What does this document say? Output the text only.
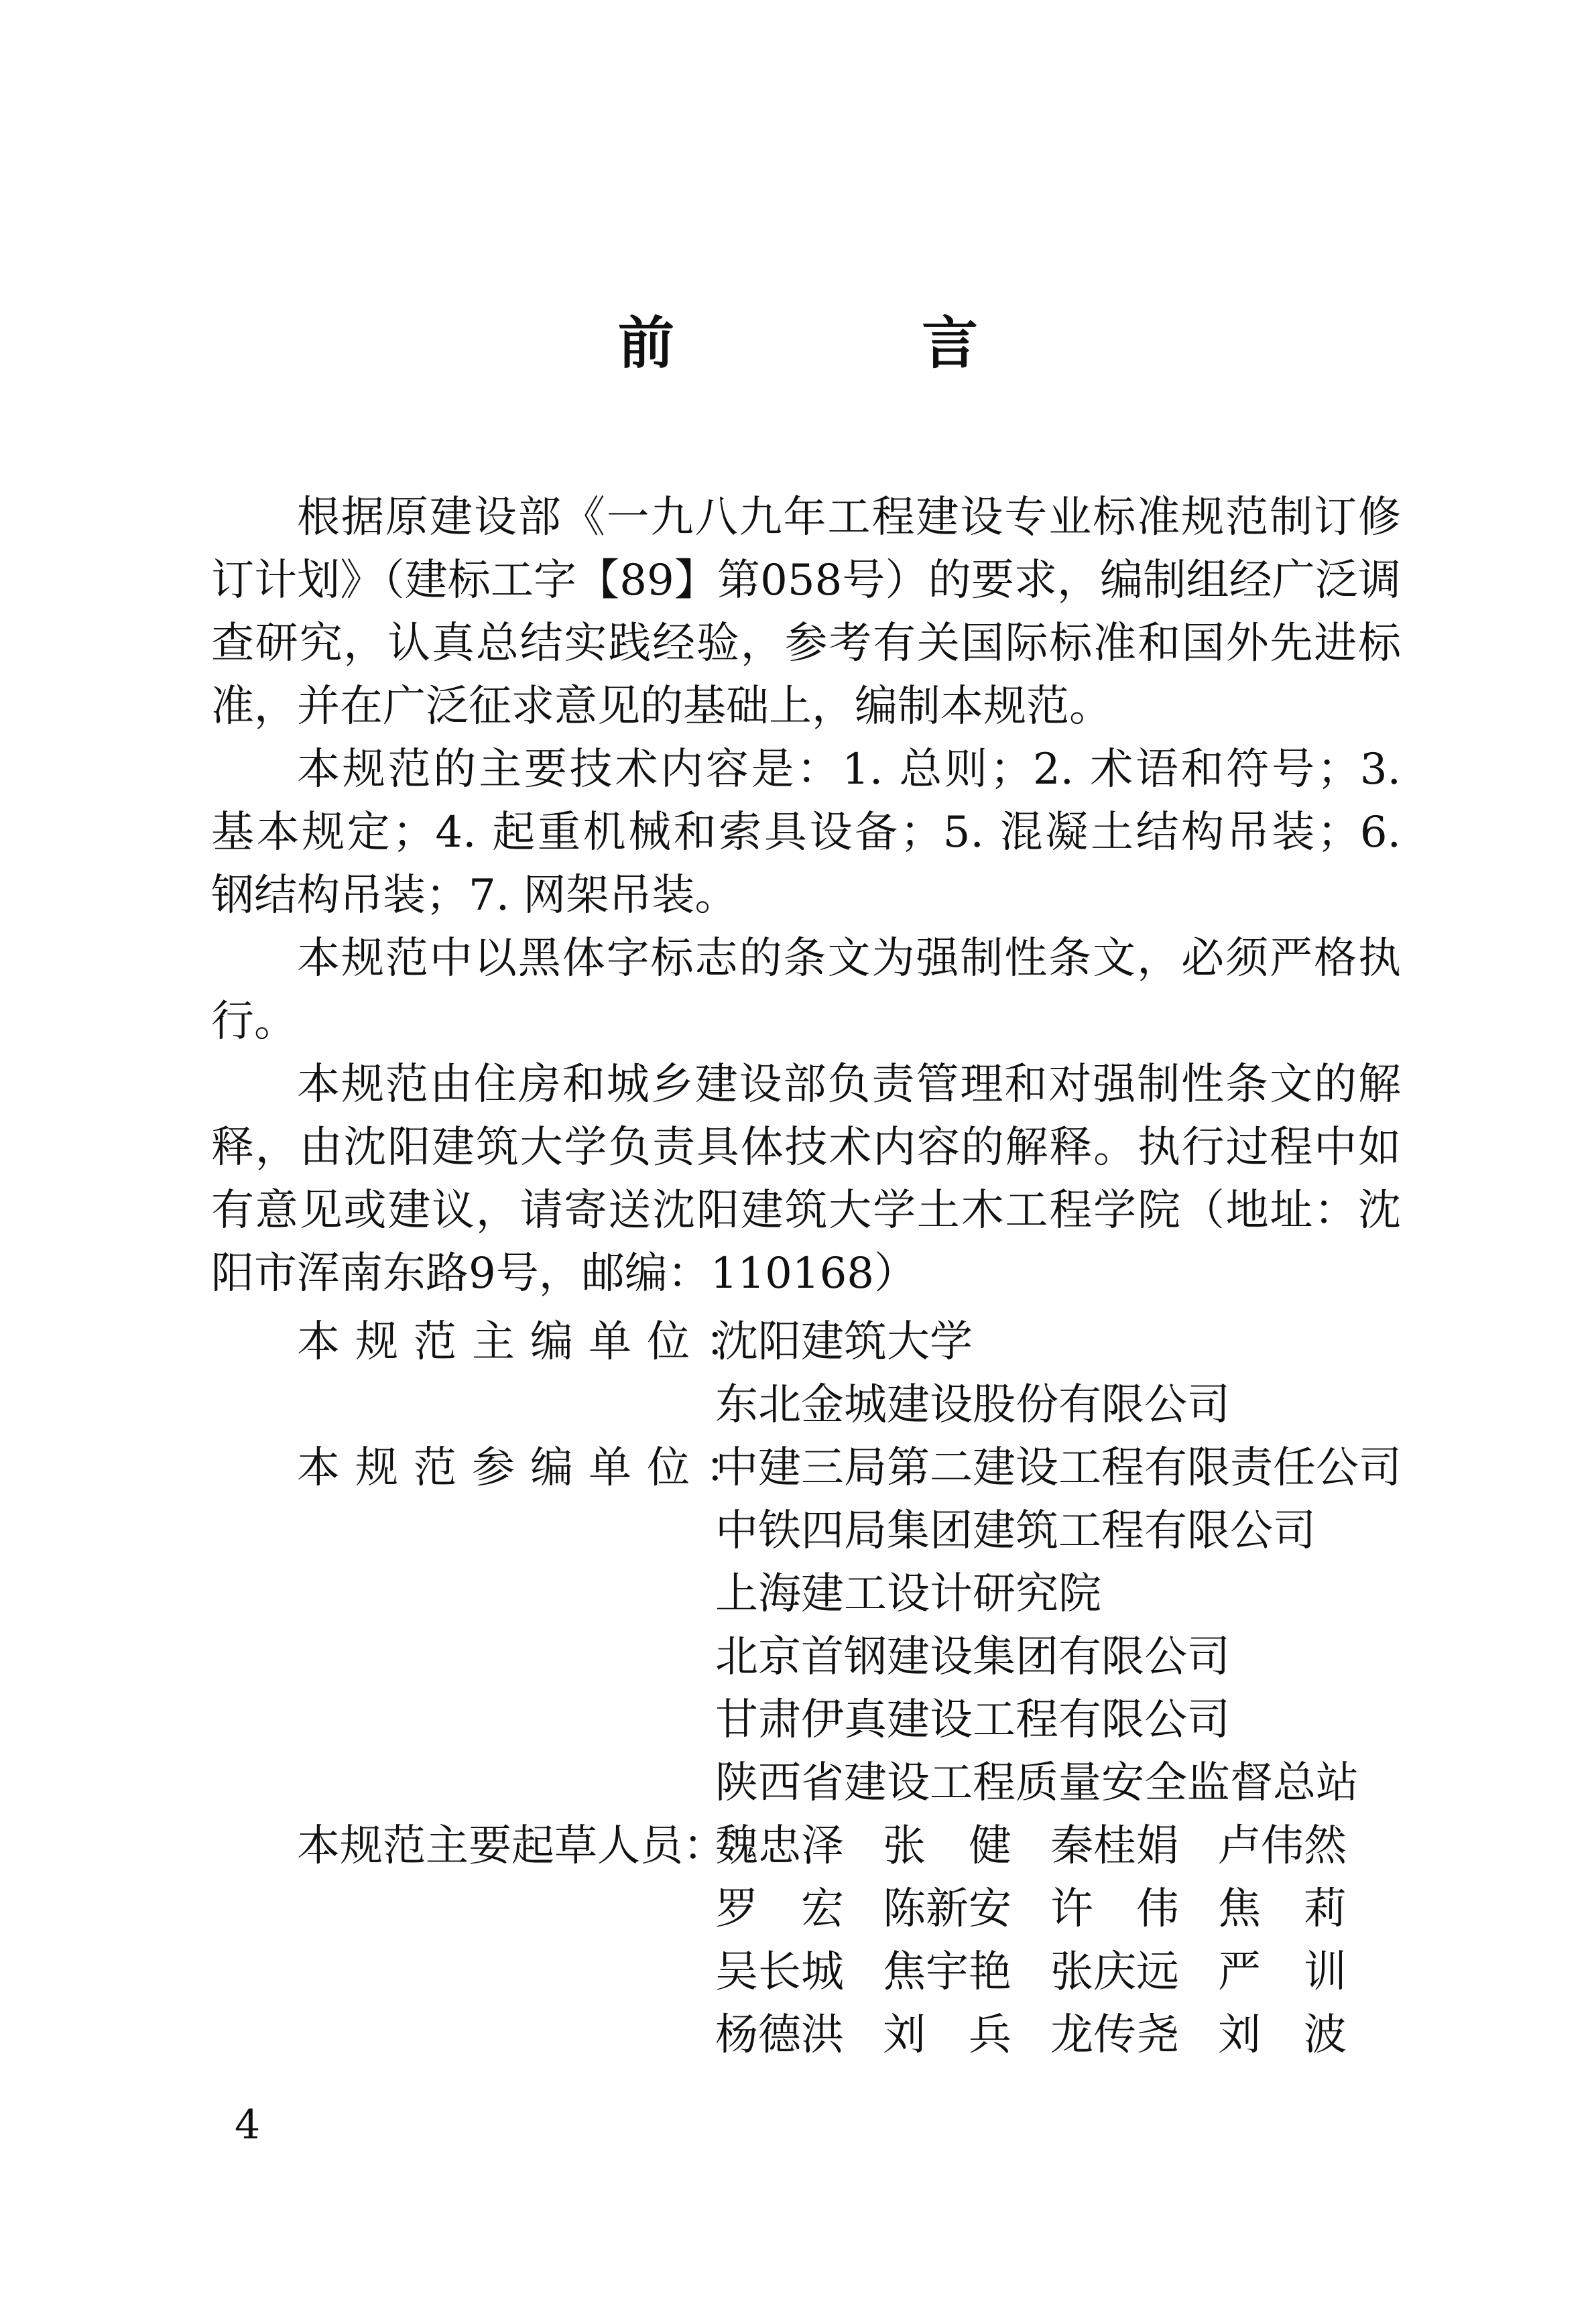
前 言

根据原建设部《一九八九年工程建设专业标准规范制订修订计划》（建标工字【89】第058号）的要求，编制组经广泛调查研究，认真总结实践经验，参考有关国际标准和国外先进标准，并在广泛征求意见的基础上，编制本规范。

本规范的主要技术内容是：1. 总则；2. 术语和符号；3. 基本规定；4. 起重机械和索具设备；5. 混凝土结构吊装；6. 钢结构吊装；7. 网架吊装。

本规范中以黑体字标志的条文为强制性条文，必须严格执行。

本规范由住房和城乡建设部负责管理和对强制性条文的解释，由沈阳建筑大学负责具体技术内容的解释。执行过程中如有意见或建议，请寄送沈阳建筑大学土木工程学院（地址：沈阳市浑南东路9号，邮编：110168）

本规范主编单位：
沈阳建筑大学
东北金城建设股份有限公司
本规范参编单位：
中建三局第二建设工程有限责任公司
中铁四局集团建筑工程有限公司
上海建工设计研究院
北京首钢建设集团有限公司
甘肃伊真建设工程有限公司
陕西省建设工程质量安全监督总站
本规范主要起草人员：
魏忠泽 张　健 秦桂娟 卢伟然
罗　宏 陈新安 许　伟 焦　莉
吴长城 焦宇艳 张庆远 严　训
杨德洪 刘　兵 龙传尧 刘　波
4
